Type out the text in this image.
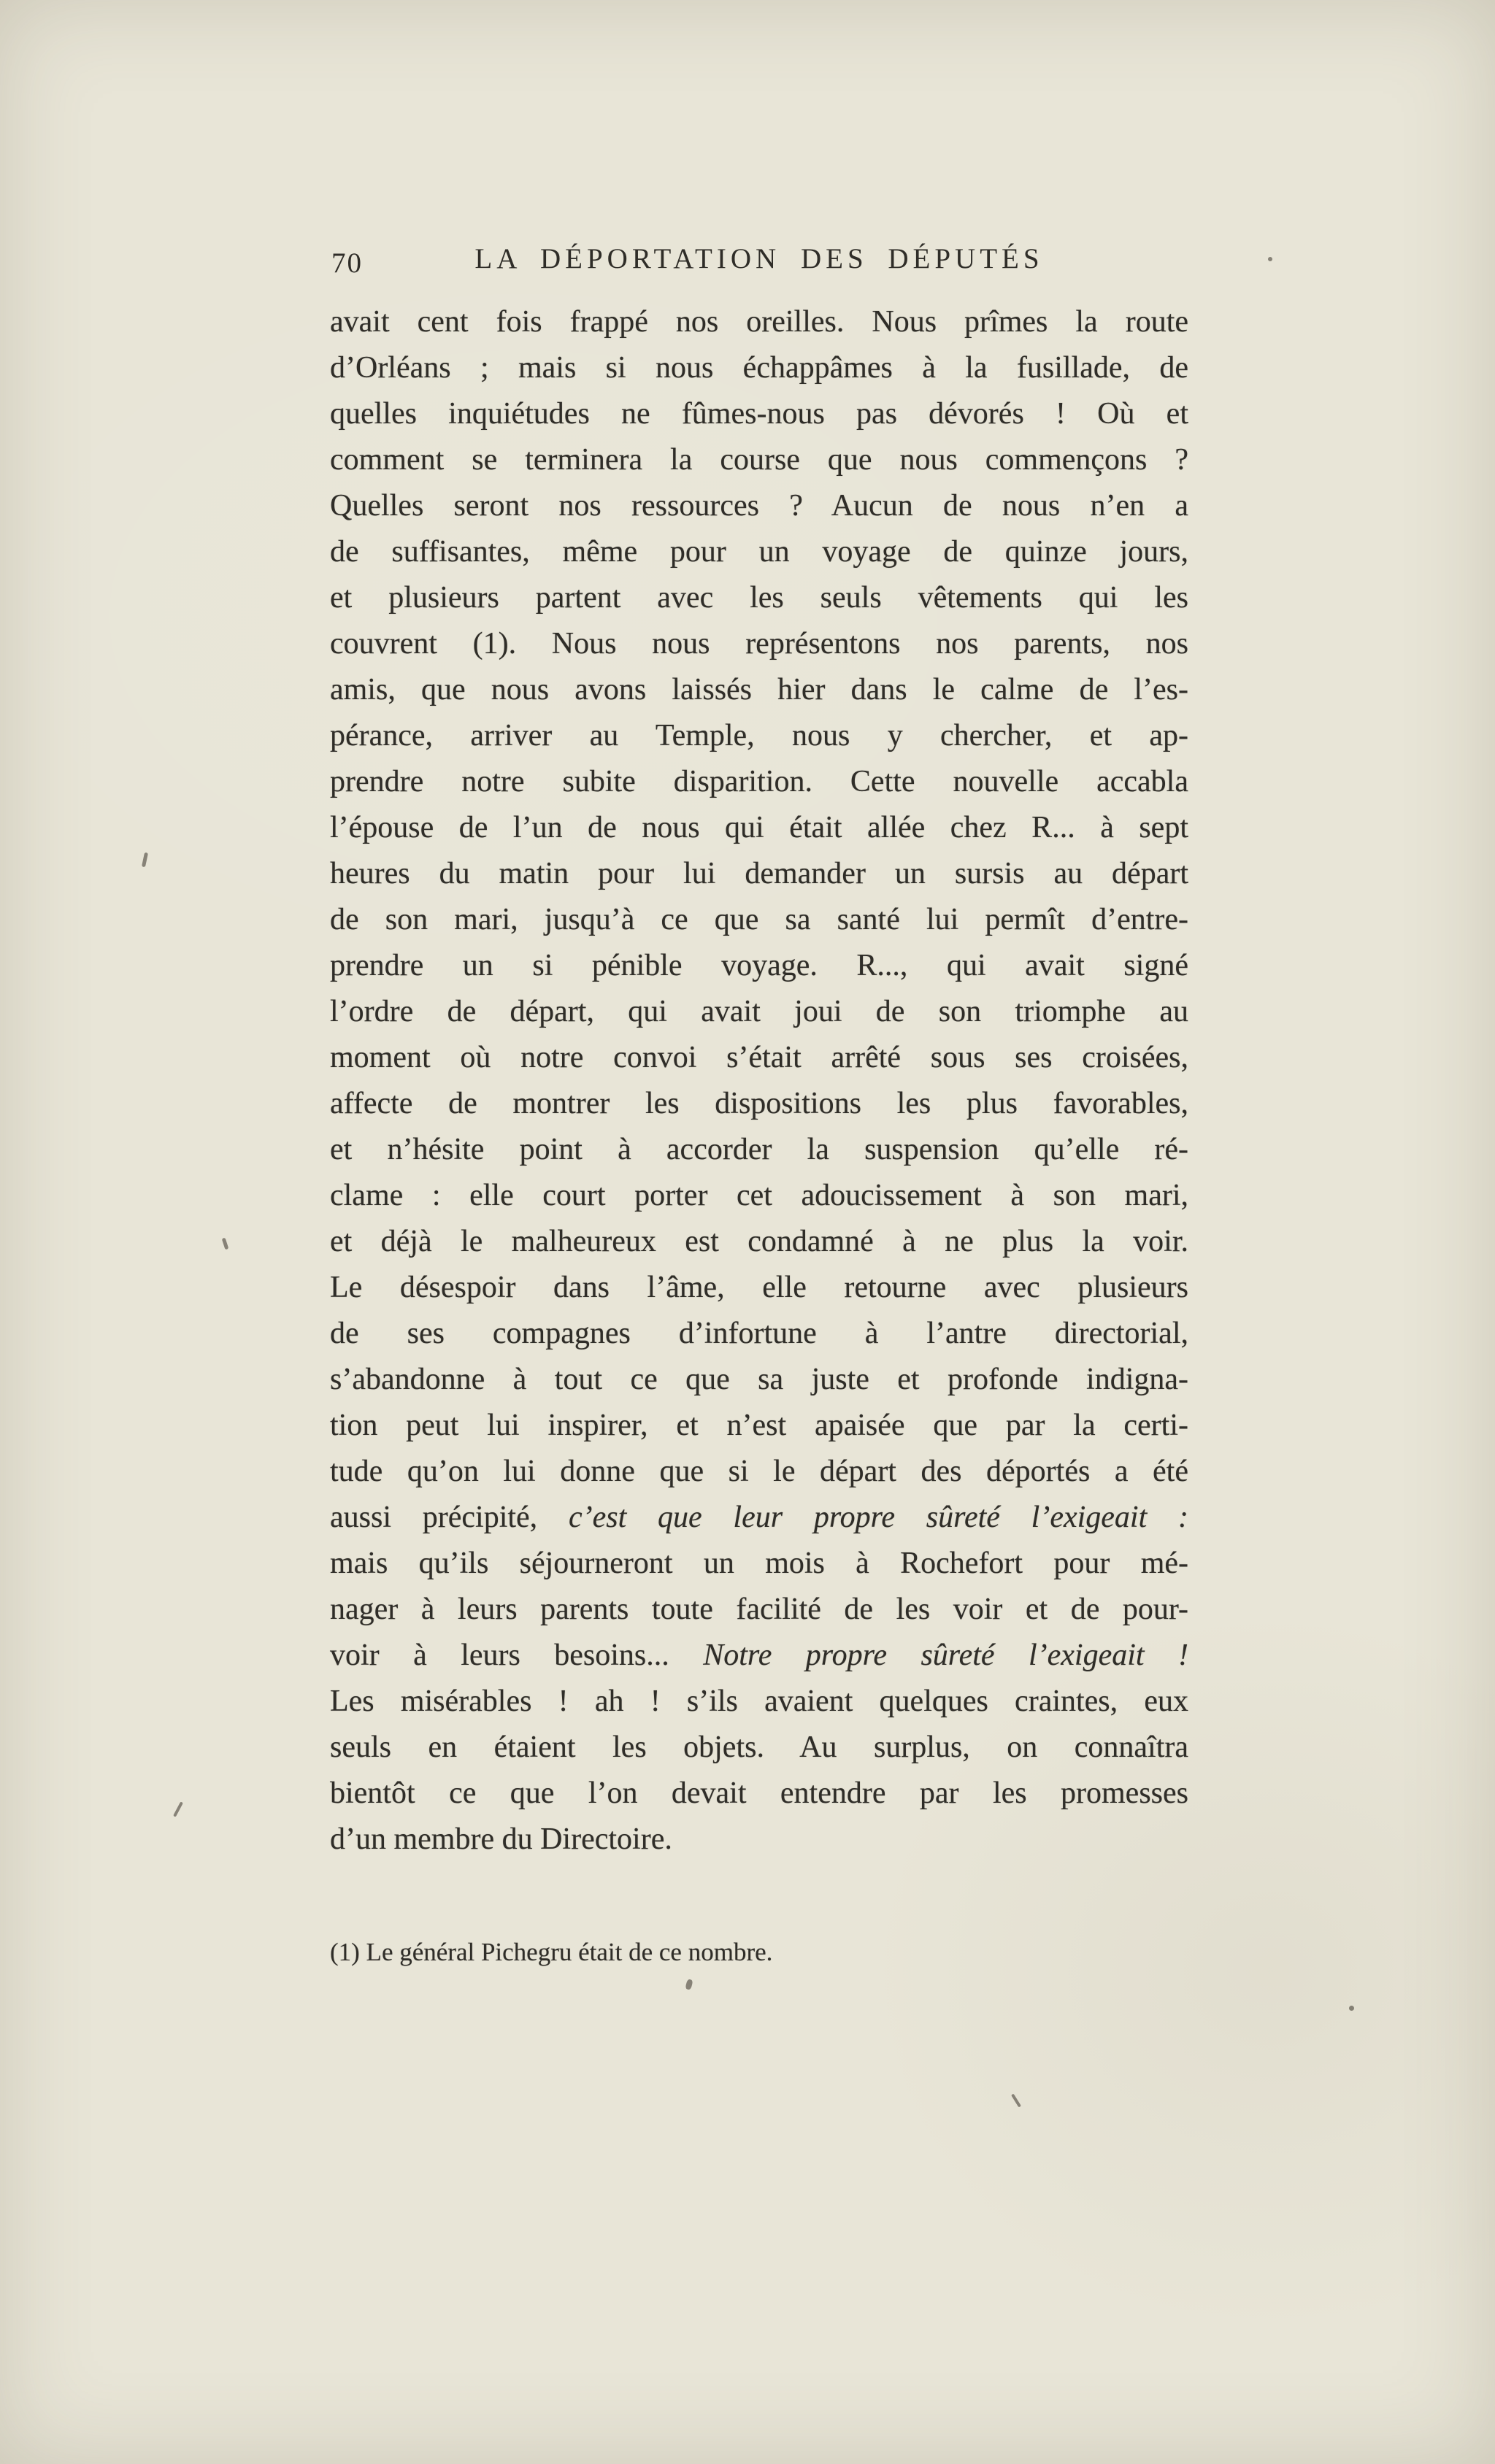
70	LA DÉPORTATION DES DÉPUTÉS
avait cent fois frappé nos oreilles. Nous prîmes la route
d’Orléans ; mais si nous échappâmes à la fusillade, de
quelles inquiétudes ne fûmes-nous pas dévorés ! Où et
comment se terminera la course que nous commençons ?
Quelles seront nos ressources ? Aucun de nous n’en a
de suffisantes, même pour un voyage de quinze jours,
et plusieurs partent avec les seuls vêtements qui les
couvrent (1). Nous nous représentons nos parents, nos
amis, que nous avons laissés hier dans le calme de l’es-
pérance, arriver au Temple, nous y chercher, et ap-
prendre notre subite disparition. Cette nouvelle accabla
l’épouse de l’un de nous qui était allée chez R... à sept
heures du matin pour lui demander un sursis au départ
de son mari, jusqu’à ce que sa santé lui permît d’entre-
prendre un si pénible voyage. R..., qui avait signé
l’ordre de départ, qui avait joui de son triomphe au
moment où notre convoi s’était arrêté sous ses croisées,
affecte de montrer les dispositions les plus favorables,
et n’hésite point à accorder la suspension qu’elle ré-
clame : elle court porter cet adoucissement à son mari,
et déjà le malheureux est condamné à ne plus la voir.
Le désespoir dans l’âme, elle retourne avec plusieurs
de ses compagnes d’infortune à l’antre directorial,
s’abandonne à tout ce que sa juste et profonde indigna-
tion peut lui inspirer, et n’est apaisée que par la certi-
tude qu’on lui donne que si le départ des déportés a été
aussi précipité, c’est que leur propre sûreté l’exigeait :
mais qu’ils séjourneront un mois à Rochefort pour mé-
nager à leurs parents toute facilité de les voir et de pour-
voir à leurs besoins... Notre propre sûreté l’exigeait !
Les misérables ! ah ! s’ils avaient quelques craintes, eux
seuls en étaient les objets. Au surplus, on connaîtra
bientôt ce que l’on devait entendre par les promesses
d’un membre du Directoire.
(1) Le général Pichegru était de ce nombre.
